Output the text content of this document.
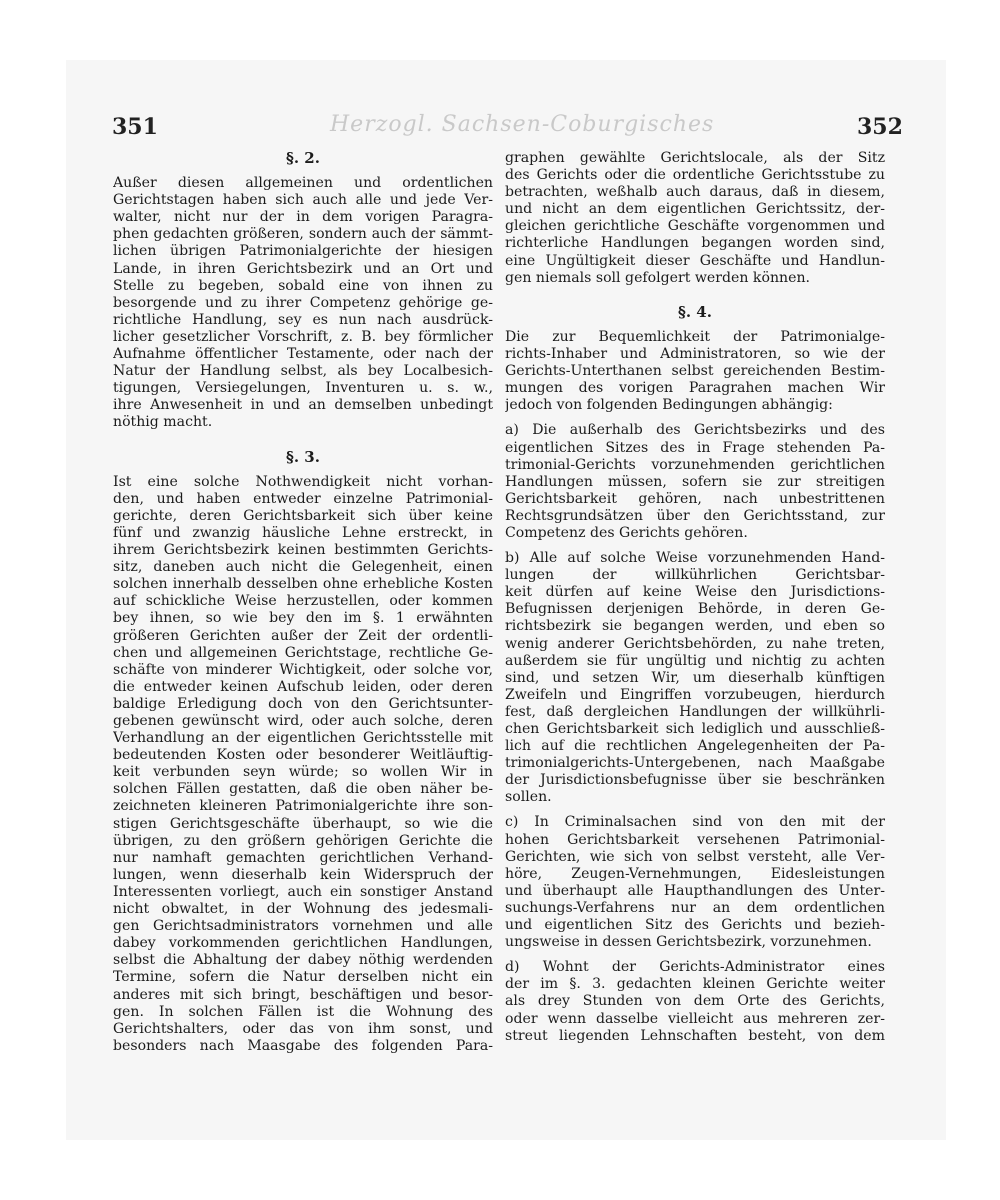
Herzogl. Sachsen-Coburgisches
351	352
§. 2.
Außer diesen allgemeinen und ordentlichen
Gerichtstagen haben sich auch alle und jede Ver-
walter, nicht nur der in dem vorigen Paragra-
phen gedachten größeren, sondern auch der sämmt-
lichen übrigen Patrimonialgerichte der hiesigen
Lande, in ihren Gerichtsbezirk und an Ort und
Stelle zu begeben, sobald eine von ihnen zu
besorgende und zu ihrer Competenz gehörige ge-
richtliche Handlung, sey es nun nach ausdrück-
licher gesetzlicher Vorschrift, z. B. bey förmlicher
Aufnahme öffentlicher Testamente, oder nach der
Natur der Handlung selbst, als bey Localbesich-
tigungen, Versiegelungen, Inventuren u. s. w.,
ihre Anwesenheit in und an demselben unbedingt
nöthig macht.
§. 3.
Ist eine solche Nothwendigkeit nicht vorhan-
den, und haben entweder einzelne Patrimonial-
gerichte, deren Gerichtsbarkeit sich über keine
fünf und zwanzig häusliche Lehne erstreckt, in
ihrem Gerichtsbezirk keinen bestimmten Gerichts-
sitz, daneben auch nicht die Gelegenheit, einen
solchen innerhalb desselben ohne erhebliche Kosten
auf schickliche Weise herzustellen, oder kommen
bey ihnen, so wie bey den im §. 1 erwähnten
größeren Gerichten außer der Zeit der ordentli-
chen und allgemeinen Gerichtstage, rechtliche Ge-
schäfte von minderer Wichtigkeit, oder solche vor,
die entweder keinen Aufschub leiden, oder deren
baldige Erledigung doch von den Gerichtsunter-
gebenen gewünscht wird, oder auch solche, deren
Verhandlung an der eigentlichen Gerichtsstelle mit
bedeutenden Kosten oder besonderer Weitläuftig-
keit verbunden seyn würde; so wollen Wir in
solchen Fällen gestatten, daß die oben näher be-
zeichneten kleineren Patrimonialgerichte ihre son-
stigen Gerichtsgeschäfte überhaupt, so wie die
übrigen, zu den größern gehörigen Gerichte die
nur namhaft gemachten gerichtlichen Verhand-
lungen, wenn dieserhalb kein Widerspruch der
Interessenten vorliegt, auch ein sonstiger Anstand
nicht obwaltet, in der Wohnung des jedesmali-
gen Gerichtsadministrators vornehmen und alle
dabey vorkommenden gerichtlichen Handlungen,
selbst die Abhaltung der dabey nöthig werdenden
Termine, sofern die Natur derselben nicht ein
anderes mit sich bringt, beschäftigen und besor-
gen. In solchen Fällen ist die Wohnung des
Gerichtshalters, oder das von ihm sonst, und
besonders nach Maasgabe des folgenden Para-
graphen gewählte Gerichtslocale, als der Sitz
des Gerichts oder die ordentliche Gerichtsstube zu
betrachten, weßhalb auch daraus, daß in diesem,
und nicht an dem eigentlichen Gerichtssitz, der-
gleichen gerichtliche Geschäfte vorgenommen und
richterliche Handlungen begangen worden sind,
eine Ungültigkeit dieser Geschäfte und Handlun-
gen niemals soll gefolgert werden können.
§. 4.
Die zur Bequemlichkeit der Patrimonialge-
richts-Inhaber und Administratoren, so wie der
Gerichts-Unterthanen selbst gereichenden Bestim-
mungen des vorigen Paragrahen machen Wir
jedoch von folgenden Bedingungen abhängig:
a) Die außerhalb des Gerichtsbezirks und des
eigentlichen Sitzes des in Frage stehenden Pa-
trimonial-Gerichts vorzunehmenden gerichtlichen
Handlungen müssen, sofern sie zur streitigen
Gerichtsbarkeit gehören, nach unbestrittenen
Rechtsgrundsätzen über den Gerichtsstand, zur
Competenz des Gerichts gehören.
b) Alle auf solche Weise vorzunehmenden Hand-
lungen der willkührlichen Gerichtsbar-
keit dürfen auf keine Weise den Jurisdictions-
Befugnissen derjenigen Behörde, in deren Ge-
richtsbezirk sie begangen werden, und eben so
wenig anderer Gerichtsbehörden, zu nahe treten,
außerdem sie für ungültig und nichtig zu achten
sind, und setzen Wir, um dieserhalb künftigen
Zweifeln und Eingriffen vorzubeugen, hierdurch
fest, daß dergleichen Handlungen der willkührli-
chen Gerichtsbarkeit sich lediglich und ausschließ-
lich auf die rechtlichen Angelegenheiten der Pa-
trimonialgerichts-Untergebenen, nach Maaßgabe
der Jurisdictionsbefugnisse über sie beschränken
sollen.
c) In Criminalsachen sind von den mit der
hohen Gerichtsbarkeit versehenen Patrimonial-
Gerichten, wie sich von selbst versteht, alle Ver-
höre, Zeugen-Vernehmungen, Eidesleistungen
und überhaupt alle Haupthandlungen des Unter-
suchungs-Verfahrens nur an dem ordentlichen
und eigentlichen Sitz des Gerichts und bezieh-
ungsweise in dessen Gerichtsbezirk, vorzunehmen.
d) Wohnt der Gerichts-Administrator eines
der im §. 3. gedachten kleinen Gerichte weiter
als drey Stunden von dem Orte des Gerichts,
oder wenn dasselbe vielleicht aus mehreren zer-
streut liegenden Lehnschaften besteht, von dem
